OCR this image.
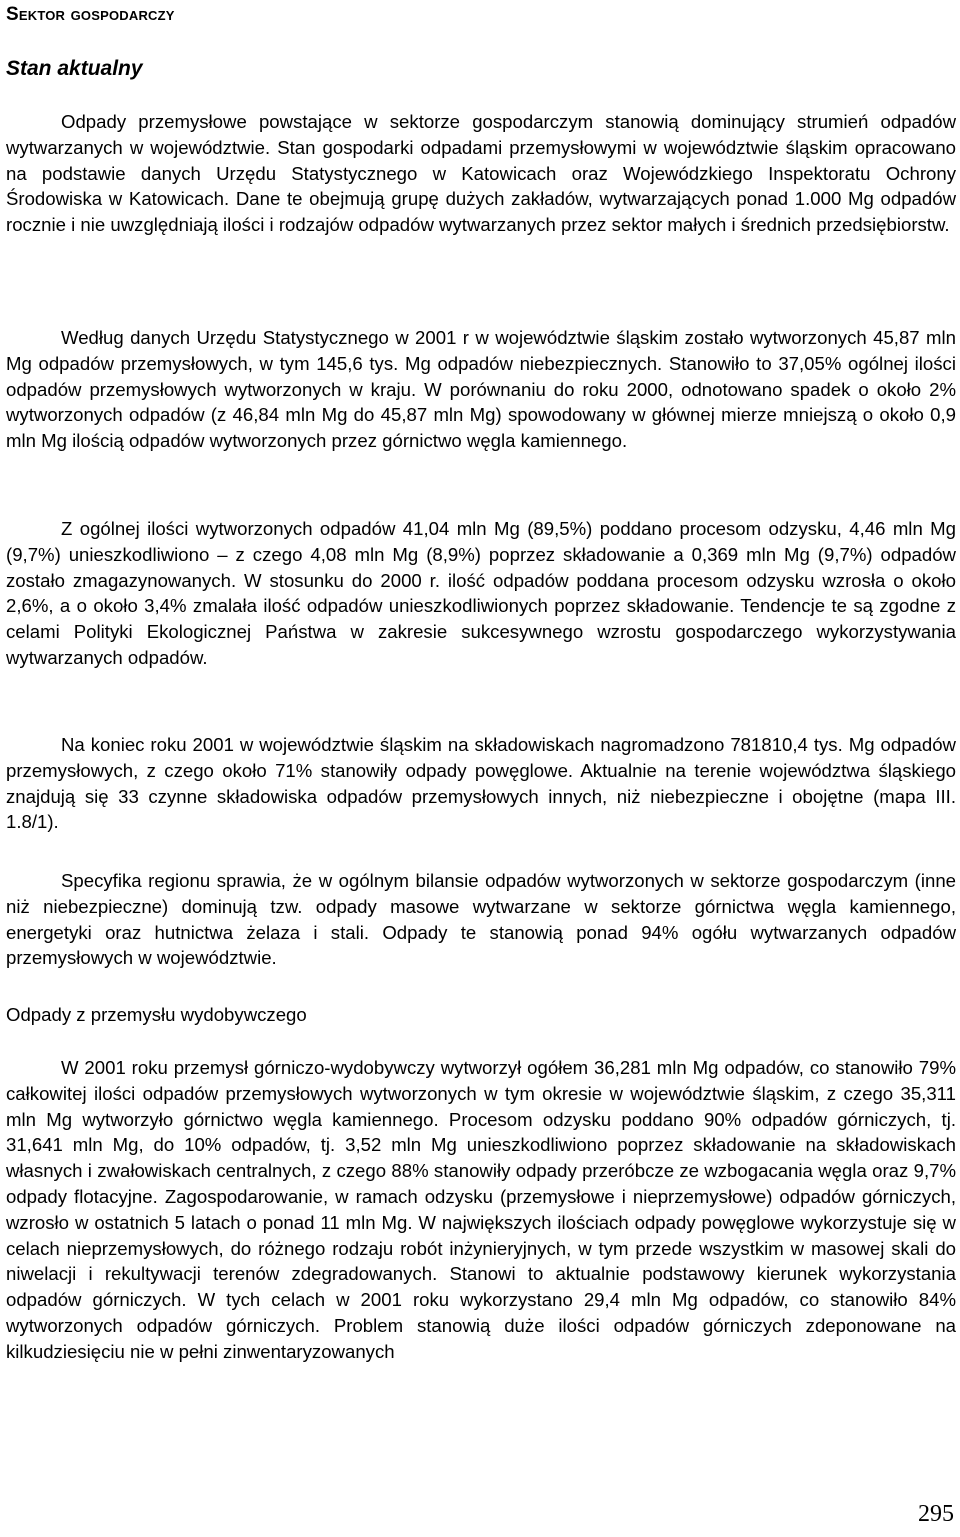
Sektor gospodarczy
Stan aktualny

Odpady przemysłowe powstające w sektorze gospodarczym stanowią dominujący strumień odpadów wytwarzanych w województwie. Stan gospodarki odpadami przemysłowymi w województwie śląskim opracowano na podstawie danych Urzędu Statystycznego w Katowicach oraz Wojewódzkiego Inspektoratu Ochrony Środowiska w Katowicach. Dane te obejmują grupę dużych zakładów, wytwarzających ponad 1.000 Mg odpadów rocznie i nie uwzględniają ilości i rodzajów odpadów wytwarzanych przez sektor małych i średnich przedsiębiorstw.

Według danych Urzędu Statystycznego w 2001 r w województwie śląskim zostało wytworzonych 45,87 mln Mg odpadów przemysłowych, w tym 145,6 tys. Mg odpadów niebezpiecznych. Stanowiło to 37,05% ogólnej ilości odpadów przemysłowych wytworzonych w kraju. W porównaniu do roku 2000, odnotowano spadek o około 2% wytworzonych odpadów (z 46,84 mln Mg do 45,87 mln Mg) spowodowany w głównej mierze mniejszą o około 0,9 mln Mg ilością odpadów wytworzonych przez górnictwo węgla kamiennego.

Z ogólnej ilości wytworzonych odpadów 41,04 mln Mg (89,5%) poddano procesom odzysku, 4,46 mln Mg (9,7%) unieszkodliwiono – z czego 4,08 mln Mg (8,9%) poprzez składowanie a 0,369 mln Mg (9,7%) odpadów zostało zmagazynowanych. W stosunku do 2000 r. ilość odpadów poddana procesom odzysku wzrosła o około 2,6%, a o około 3,4% zmalała ilość odpadów unieszkodliwionych poprzez składowanie. Tendencje te są zgodne z celami Polityki Ekologicznej Państwa w zakresie sukcesywnego wzrostu gospodarczego wykorzystywania wytwarzanych odpadów.

Na koniec roku 2001 w województwie śląskim na składowiskach nagromadzono 781810,4 tys. Mg odpadów przemysłowych, z czego około 71% stanowiły odpady powęglowe. Aktualnie na terenie województwa śląskiego znajdują się 33 czynne składowiska odpadów przemysłowych innych, niż niebezpieczne i obojętne (mapa III. 1.8/1).

Specyfika regionu sprawia, że w ogólnym bilansie odpadów wytworzonych w sektorze gospodarczym (inne niż niebezpieczne) dominują tzw. odpady masowe wytwarzane w sektorze górnictwa węgla kamiennego, energetyki oraz hutnictwa żelaza i stali. Odpady te stanowią ponad 94% ogółu wytwarzanych odpadów przemysłowych w województwie.

Odpady z przemysłu wydobywczego

W 2001 roku przemysł górniczo-wydobywczy wytworzył ogółem 36,281 mln Mg odpadów, co stanowiło 79% całkowitej ilości odpadów przemysłowych wytworzonych w tym okresie w województwie śląskim, z czego 35,311 mln Mg wytworzyło górnictwo węgla kamiennego. Procesom odzysku poddano 90% odpadów górniczych, tj. 31,641 mln Mg, do 10% odpadów, tj. 3,52 mln Mg unieszkodliwiono poprzez składowanie na składowiskach własnych i zwałowiskach centralnych, z czego 88% stanowiły odpady przeróbcze ze wzbogacania węgla oraz 9,7% odpady flotacyjne. Zagospodarowanie, w ramach odzysku (przemysłowe i nieprzemysłowe) odpadów górniczych, wzrosło w ostatnich 5 latach o ponad 11 mln Mg. W największych ilościach odpady powęglowe wykorzystuje się w celach nieprzemysłowych, do różnego rodzaju robót inżynieryjnych, w tym przede wszystkim w masowej skali do niwelacji i rekultywacji terenów zdegradowanych. Stanowi to aktualnie podstawowy kierunek wykorzystania odpadów górniczych. W tych celach w 2001 roku wykorzystano 29,4 mln Mg odpadów, co stanowiło 84% wytworzonych odpadów górniczych. Problem stanowią duże ilości odpadów górniczych zdeponowane na kilkudziesięciu nie w pełni zinwentaryzowanych

295
